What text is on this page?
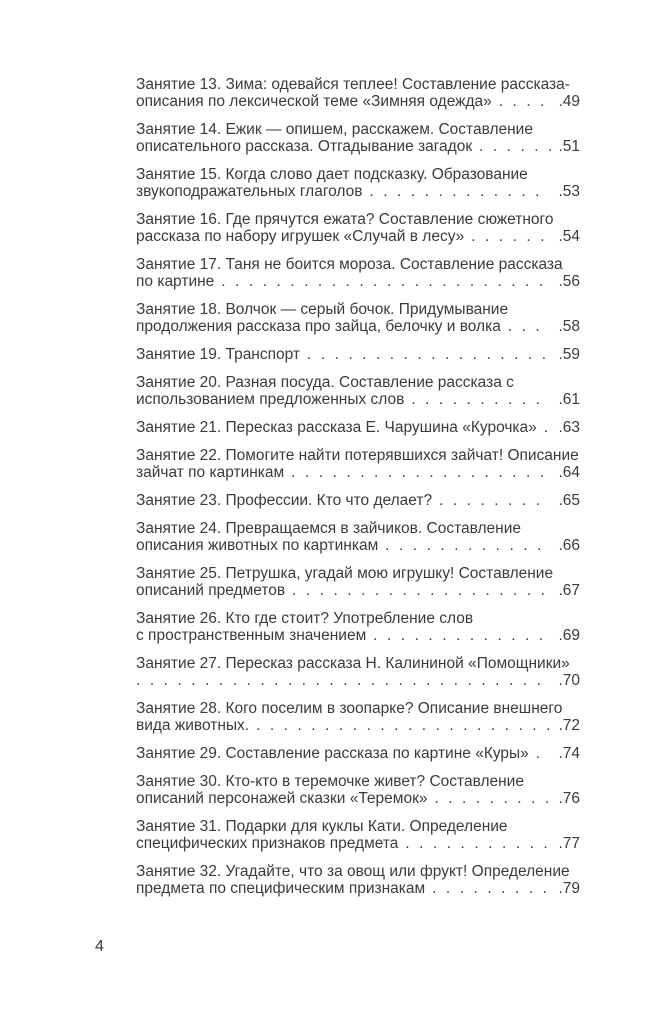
Занятие 13. Зима: одевайся теплее! Составление рассказа-описания по лексической теме «Зимняя одежда» . . . . . 49
Занятие 14. Ежик — опишем, расскажем. Составление описательного рассказа. Отгадывание загадок . . . . . . . 51
Занятие 15. Когда слово дает подсказку. Образование звукоподражательных глаголов . . . . . . . . . . . . . . 53
Занятие 16. Где прячутся ежата? Составление сюжетного рассказа по набору игрушек «Случай в лесу» . . . . . . . 54
Занятие 17. Таня не боится мороза. Составление рассказа по картине . . . . . . . . . . . . . . . . . . . . . . . . . 56
Занятие 18. Волчок — серый бочок. Придумывание продолжения рассказа про зайца, белочку и волка . . . . 58
Занятие 19. Транспорт . . . . . . . . . . . . . . . . . . . 59
Занятие 20. Разная посуда. Составление рассказа с использованием предложенных слов . . . . . . . . . . . 61
Занятие 21. Пересказ рассказа Е. Чарушина «Курочка» . . 63
Занятие 22. Помогите найти потерявшихся зайчат! Описание зайчат по картинкам . . . . . . . . . . . . . . . . . . . . 64
Занятие 23. Профессии. Кто что делает? . . . . . . . . . 65
Занятие 24. Превращаемся в зайчиков. Составление описания животных по картинкам . . . . . . . . . . . . . 66
Занятие 25. Петрушка, угадай мою игрушку! Составление описаний предметов . . . . . . . . . . . . . . . . . . . . 67
Занятие 26. Кто где стоит? Употребление слов с пространственным значением . . . . . . . . . . . . . . 69
Занятие 27. Пересказ рассказа Н. Калининой «Помощники» . . . . . . . . . . . . . . . . . . . . . . . . . . . . . . . 70
Занятие 28. Кого поселим в зоопарке? Описание внешнего вида животных. . . . . . . . . . . . . . . . . . . . . . . . 72
Занятие 29. Составление рассказа по картине «Куры» . . 74
Занятие 30. Кто-кто в теремочке живет? Составление описаний персонажей сказки «Теремок» . . . . . . . . . . 76
Занятие 31. Подарки для куклы Кати. Определение специфических признаков предмета . . . . . . . . . . . . 77
Занятие 32. Угадайте, что за овощ или фрукт! Определение предмета по специфическим признакам . . . . . . . . . . 79
4
